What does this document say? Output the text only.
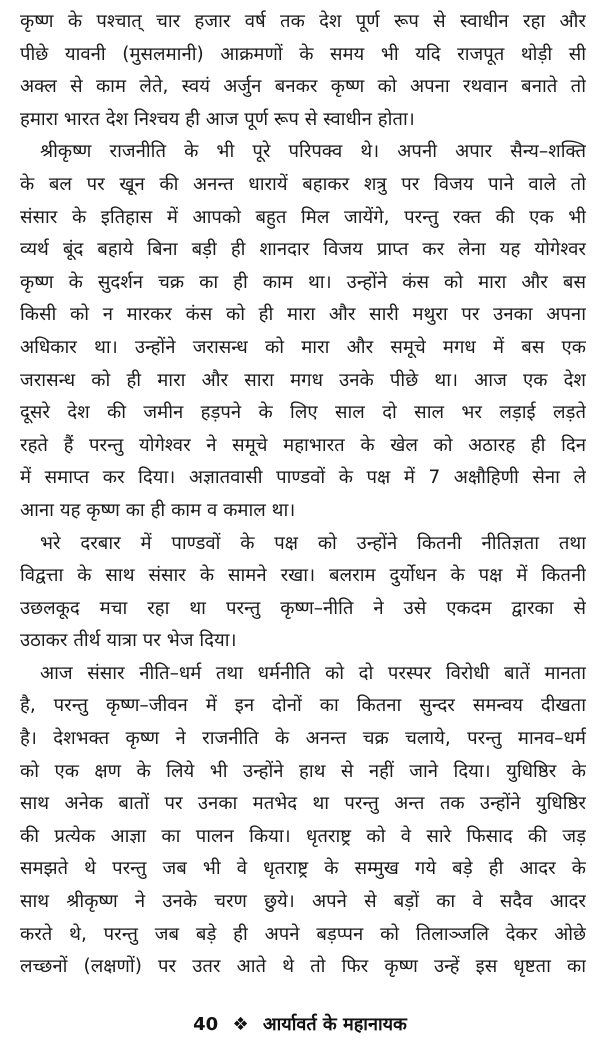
कृष्ण के पश्चात् चार हजार वर्ष तक देश पूर्ण रूप से स्वाधीन रहा और
पीछे यावनी (मुसलमानी) आक्रमणों के समय भी यदि राजपूत थोड़ी सी
अक्ल से काम लेते, स्वयं अर्जुन बनकर कृष्ण को अपना रथवान बनाते तो
हमारा भारत देश निश्चय ही आज पूर्ण रूप से स्वाधीन होता।
श्रीकृष्ण राजनीति के भी पूरे परिपक्व थे। अपनी अपार सैन्य–शक्ति
के बल पर खून की अनन्त धारायें बहाकर शत्रु पर विजय पाने वाले तो
संसार के इतिहास में आपको बहुत मिल जायेंगे, परन्तु रक्त की एक भी
व्यर्थ बूंद बहाये बिना बड़ी ही शानदार विजय प्राप्त कर लेना यह योगेश्वर
कृष्ण के सुदर्शन चक्र का ही काम था। उन्होंने कंस को मारा और बस
किसी को न मारकर कंस को ही मारा और सारी मथुरा पर उनका अपना
अधिकार था। उन्होंने जरासन्ध को मारा और समूचे मगध में बस एक
जरासन्ध को ही मारा और सारा मगध उनके पीछे था। आज एक देश
दूसरे देश की जमीन हड़पने के लिए साल दो साल भर लड़ाई लड़ते
रहते हैं परन्तु योगेश्वर ने समूचे महाभारत के खेल को अठारह ही दिन
में समाप्त कर दिया। अज्ञातवासी पाण्डवों के पक्ष में 7 अक्षौहिणी सेना ले
आना यह कृष्ण का ही काम व कमाल था।
भरे दरबार में पाण्डवों के पक्ष को उन्होंने कितनी नीतिज्ञता तथा
विद्वत्ता के साथ संसार के सामने रखा। बलराम दुर्योधन के पक्ष में कितनी
उछलकूद मचा रहा था परन्तु कृष्ण–नीति ने उसे एकदम द्वारका से
उठाकर तीर्थ यात्रा पर भेज दिया।
आज संसार नीति–धर्म तथा धर्मनीति को दो परस्पर विरोधी बातें मानता
है, परन्तु कृष्ण–जीवन में इन दोनों का कितना सुन्दर समन्वय दीखता
है। देशभक्त कृष्ण ने राजनीति के अनन्त चक्र चलाये, परन्तु मानव–धर्म
को एक क्षण के लिये भी उन्होंने हाथ से नहीं जाने दिया। युधिष्ठिर के
साथ अनेक बातों पर उनका मतभेद था परन्तु अन्त तक उन्होंने युधिष्ठिर
की प्रत्येक आज्ञा का पालन किया। धृतराष्ट्र को वे सारे फिसाद की जड़
समझते थे परन्तु जब भी वे धृतराष्ट्र के सम्मुख गये बड़े ही आदर के
साथ श्रीकृष्ण ने उनके चरण छुये। अपने से बड़ों का वे सदैव आदर
करते थे, परन्तु जब बड़े ही अपने बड़प्पन को तिलाञ्जलि देकर ओछे
लच्छनों (लक्षणों) पर उतर आते थे तो फिर कृष्ण उन्हें इस धृष्टता का
40 ❖ आर्यावर्त के महानायक
